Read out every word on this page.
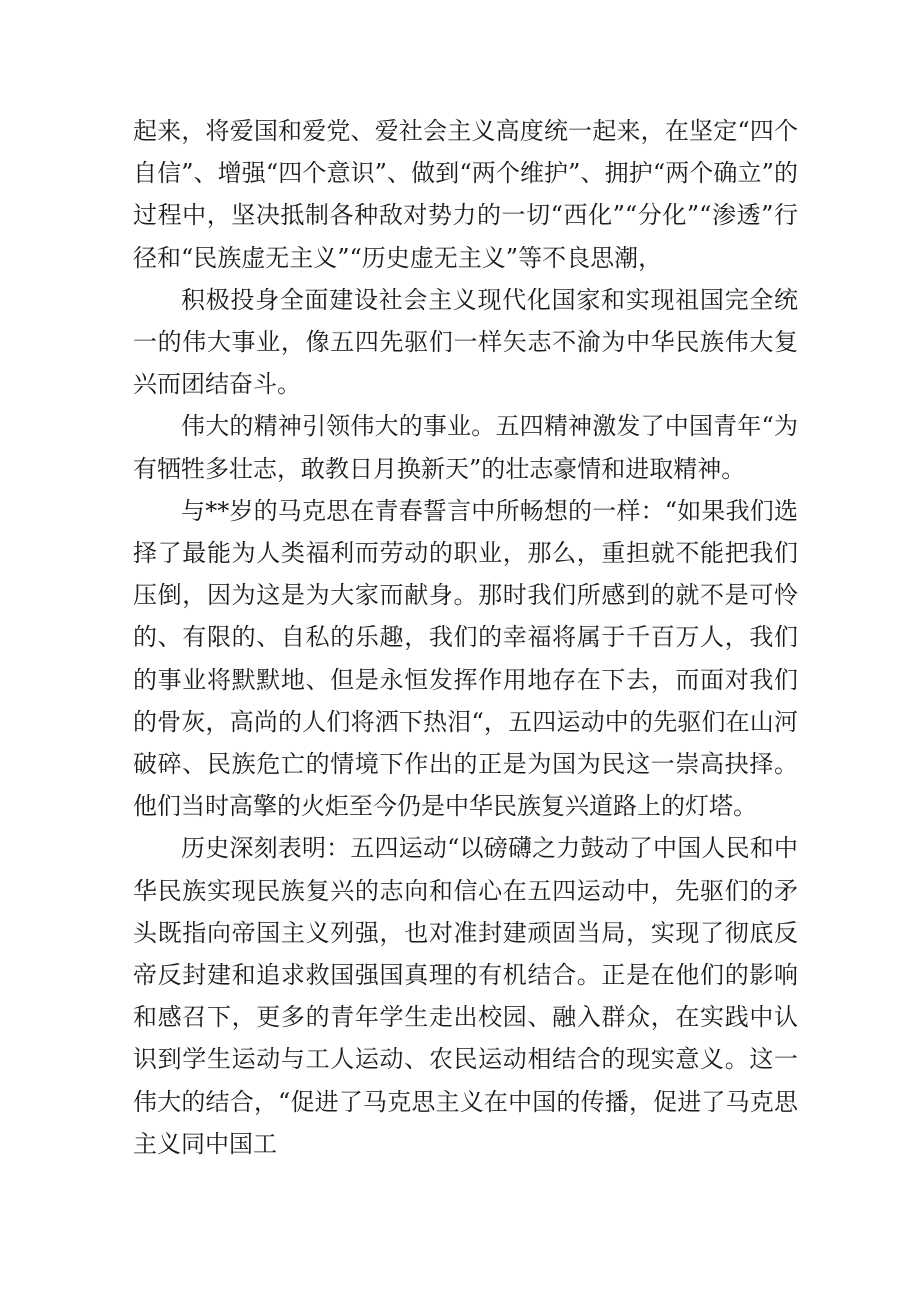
起来，将爱国和爱党、爱社会主义高度统一起来，在坚定“四个自信”、增强“四个意识”、做到“两个维护”、拥护“两个确立”的过程中，坚决抵制各种敌对势力的一切“西化”“分化”“渗透”行径和“民族虚无主义”“历史虚无主义”等不良思潮，

积极投身全面建设社会主义现代化国家和实现祖国完全统一的伟大事业，像五四先驱们一样矢志不渝为中华民族伟大复兴而团结奋斗。

伟大的精神引领伟大的事业。五四精神激发了中国青年“为有牺牲多壮志，敢教日月换新天”的壮志豪情和进取精神。

与**岁的马克思在青春誓言中所畅想的一样：“如果我们选择了最能为人类福利而劳动的职业，那么，重担就不能把我们压倒，因为这是为大家而献身。那时我们所感到的就不是可怜的、有限的、自私的乐趣，我们的幸福将属于千百万人，我们的事业将默默地、但是永恒发挥作用地存在下去，而面对我们的骨灰，高尚的人们将洒下热泪“，五四运动中的先驱们在山河破碎、民族危亡的情境下作出的正是为国为民这一崇高抉择。他们当时高擎的火炬至今仍是中华民族复兴道路上的灯塔。

历史深刻表明：五四运动“以磅礴之力鼓动了中国人民和中华民族实现民族复兴的志向和信心在五四运动中，先驱们的矛头既指向帝国主义列强，也对准封建顽固当局，实现了彻底反帝反封建和追求救国强国真理的有机结合。正是在他们的影响和感召下，更多的青年学生走出校园、融入群众，在实践中认识到学生运动与工人运动、农民运动相结合的现实意义。这一伟大的结合，“促进了马克思主义在中国的传播，促进了马克思主义同中国工
